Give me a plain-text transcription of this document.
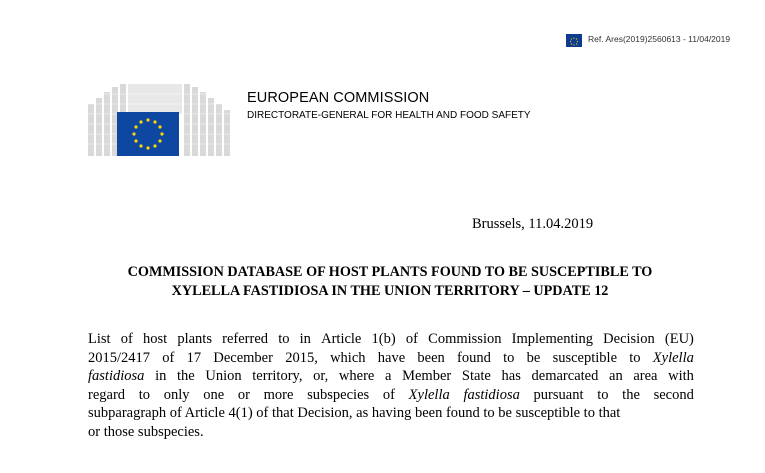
Ref. Ares(2019)2560613 - 11/04/2019
EUROPEAN COMMISSION
DIRECTORATE-GENERAL FOR HEALTH AND FOOD SAFETY
Brussels, 11.04.2019
COMMISSION DATABASE OF HOST PLANTS FOUND TO BE SUSCEPTIBLE TO
XYLELLA FASTIDIOSA IN THE UNION TERRITORY – UPDATE 12
List of host plants referred to in Article 1(b) of Commission Implementing Decision (EU)
2015/2417 of 17 December 2015, which have been found to be susceptible to Xylella
fastidiosa in the Union territory, or, where a Member State has demarcated an area with
regard to only one or more subspecies of Xylella fastidiosa pursuant to the second
subparagraph of Article 4(1) of that Decision, as having been found to be susceptible to that
or those subspecies.
